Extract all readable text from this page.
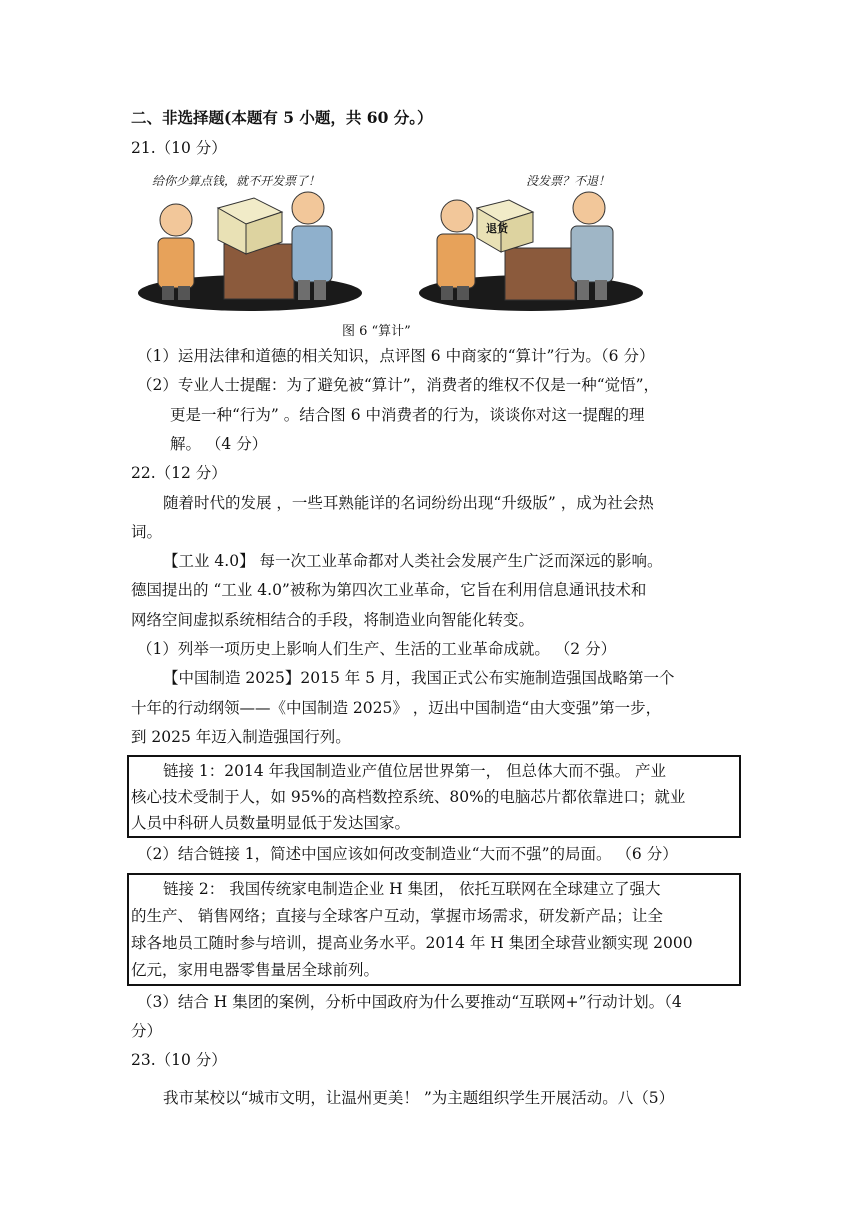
二、非选择题(本题有 5 小题，共 60 分。）
21.（10 分）
给你少算点钱，就不开发票了！	没发票？不退！
退货
图 6 “算计”
（1）运用法律和道德的相关知识，点评图 6 中商家的“算计”行为。（6 分）
（2）专业人士提醒：为了避免被“算计”，消费者的维权不仅是一种“觉悟”，
更是一种“行为” 。结合图 6 中消费者的行为，谈谈你对这一提醒的理
解。 （4 分）
22.（12 分）
随着时代的发展 ，一些耳熟能详的名词纷纷出现“升级版” ，成为社会热
词。
【工业 4.0】 每一次工业革命都对人类社会发展产生广泛而深远的影响。
德国提出的 “工业 4.0”被称为第四次工业革命，它旨在利用信息通讯技术和
网络空间虚拟系统相结合的手段，将制造业向智能化转变。
（1）列举一项历史上影响人们生产、生活的工业革命成就。 （2 分）
【中国制造 2025】2015 年 5 月，我国正式公布实施制造强国战略第一个
十年的行动纲领——《中国制造 2025》 ，迈出中国制造“由大变强”第一步，
到 2025 年迈入制造强国行列。
链接 1：2014 年我国制造业产值位居世界第一， 但总体大而不强。 产业
核心技术受制于人，如 95%的高档数控系统、80%的电脑芯片都依靠进口；就业
人员中科研人员数量明显低于发达国家。
（2）结合链接 1，简述中国应该如何改变制造业“大而不强”的局面。 （6 分）
链接 2： 我国传统家电制造企业 H 集团， 依托互联网在全球建立了强大
的生产、 销售网络；直接与全球客户互动，掌握市场需求，研发新产品；让全
球各地员工随时参与培训，提高业务水平。2014 年 H 集团全球营业额实现 2000
亿元，家用电器零售量居全球前列。
（3）结合 H 集团的案例，分析中国政府为什么要推动“互联网+”行动计划。（4
分）
23.（10 分）
我市某校以“城市文明，让温州更美！ ”为主题组织学生开展活动。八（5）
